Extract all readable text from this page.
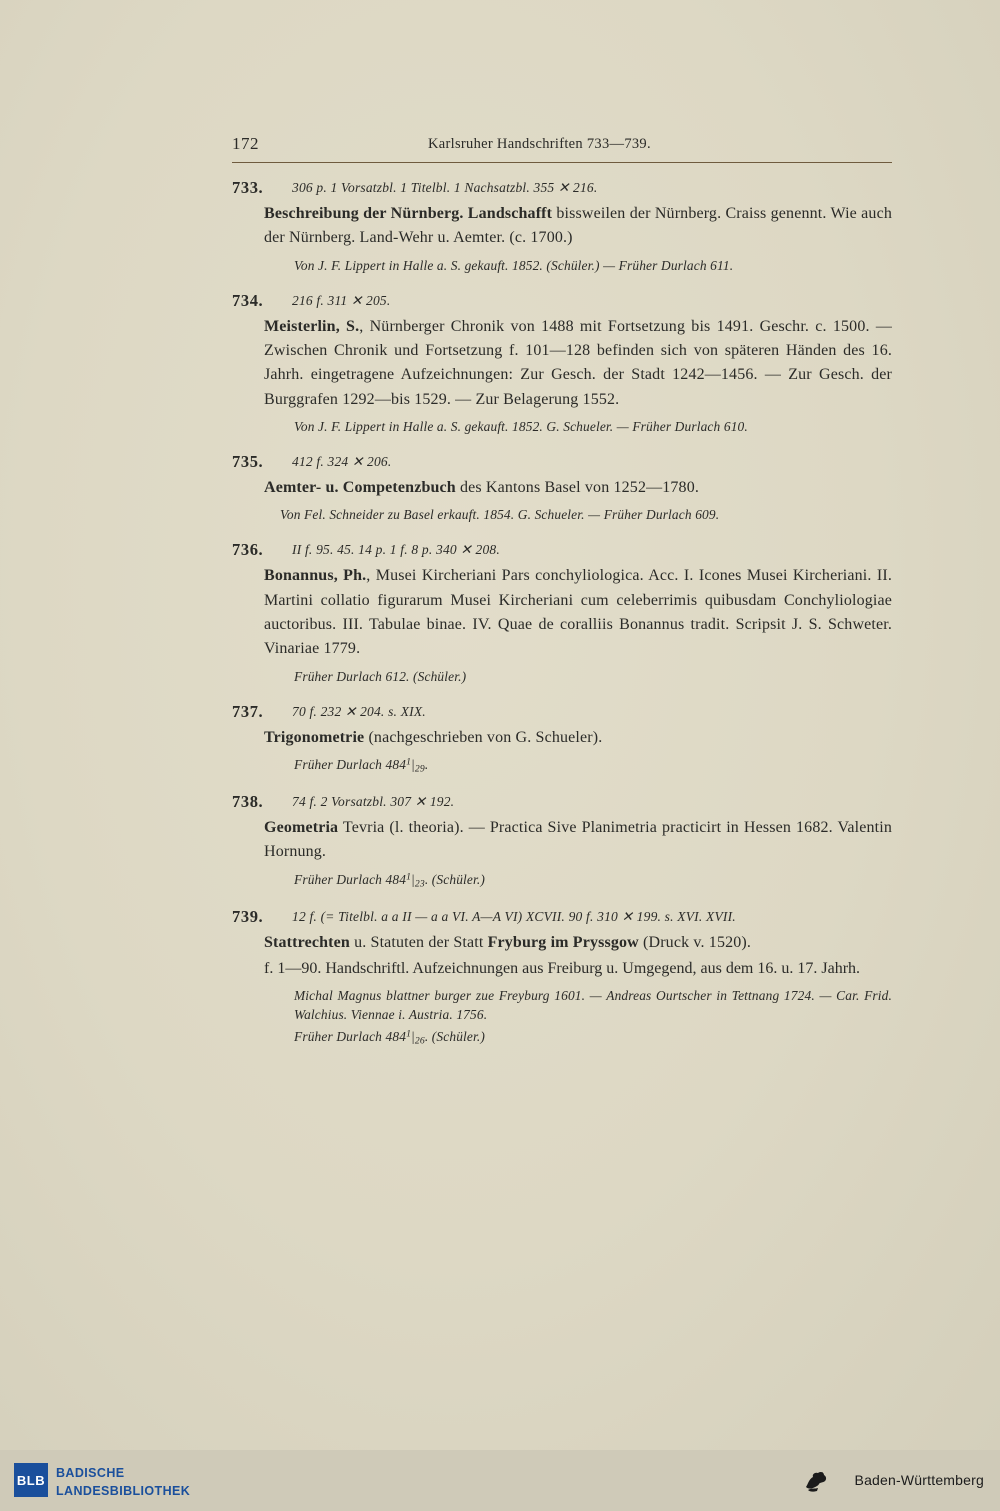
172	Karlsruher Handschriften 733—739.
733.	306 p. 1 Vorsatzbl. 1 Titelbl. 1 Nachsatzbl. 355 ✕ 216.
Beschreibung der Nürnberg. Landschafft bissweilen der Nürnberg. Craiss genennt. Wie auch der Nürnberg. Land-Wehr u. Aemter. (c. 1700.)
Von J. F. Lippert in Halle a. S. gekauft. 1852. (Schüler.) — Früher Durlach 611.
734.	216 f. 311 ✕ 205.
Meisterlin, S., Nürnberger Chronik von 1488 mit Fortsetzung bis 1491. Geschr. c. 1500. — Zwischen Chronik und Fortsetzung f. 101—128 befinden sich von späteren Händen des 16. Jahrh. eingetragene Aufzeichnungen: Zur Gesch. der Stadt 1242—1456. — Zur Gesch. der Burggrafen 1292—bis 1529. — Zur Belagerung 1552.
Von J. F. Lippert in Halle a. S. gekauft. 1852. G. Schueler. — Früher Durlach 610.
735.	412 f. 324 ✕ 206.
Aemter- u. Competenzbuch des Kantons Basel von 1252—1780.
Von Fel. Schneider zu Basel erkauft. 1854. G. Schueler. — Früher Durlach 609.
736.	II f. 95. 45. 14 p. 1 f. 8 p. 340 ✕ 208.
Bonannus, Ph., Musei Kircheriani Pars conchyliologica. Acc. I. Icones Musei Kircheriani. II. Martini collatio figurarum Musei Kircheriani cum celeberrimis quibusdam Conchyliologiae auctoribus. III. Tabulae binae. IV. Quae de coralliis Bonannus tradit. Scripsit J. S. Schweter. Vinariae 1779.
Früher Durlach 612. (Schüler.)
737.	70 f. 232 ✕ 204. s. XIX.
Trigonometrie (nachgeschrieben von G. Schueler).
Früher Durlach $484^1|_{29}$.
738.	74 f. 2 Vorsatzbl. 307 ✕ 192.
Geometria Tevria (l. theoria). — Practica Sive Planimetria practicirt in Hessen 1682. Valentin Hornung.
Früher Durlach $484^1|_{23}$. (Schüler.)
739.	12 f. (= Titelbl. a a II — a a VI. A—A VI) XCVII. 90 f. 310 ✕ 199. s. XVI. XVII.
Stattrechten u. Statuten der Statt Fryburg im Pryssgow (Druck v. 1520).
f. 1—90. Handschriftl. Aufzeichnungen aus Freiburg u. Umgegend, aus dem 16. u. 17. Jahrh.
Michal Magnus blattner burger zue Freyburg 1601. — Andreas Ourtscher in Tettnang 1724. — Car. Frid. Walchius. Viennae i. Austria. 1756.
Früher Durlach $484^1|_{26}$. (Schüler.)
BLB BADISCHE
LANDESBIBLIOTHEK
Baden-Württemberg
